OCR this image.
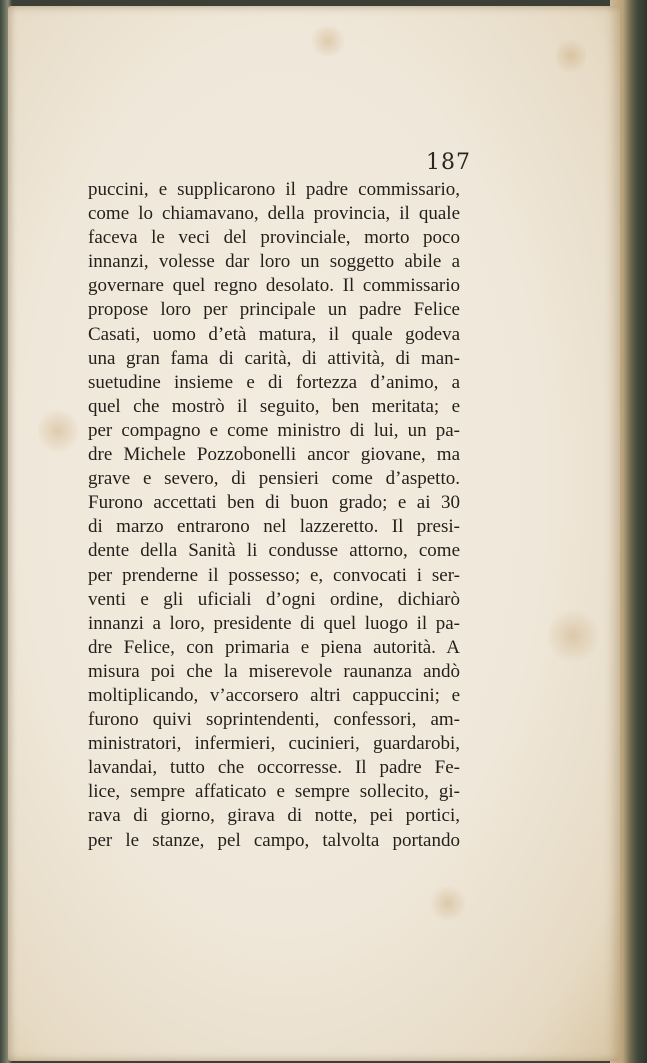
187
puccini, e supplicarono il padre commissario,
come lo chiamavano, della provincia, il quale
faceva le veci del provinciale, morto poco
innanzi, volesse dar loro un soggetto abile a
governare quel regno desolato. Il commissario
propose loro per principale un padre Felice
Casati, uomo d’età matura, il quale godeva
una gran fama di carità, di attività, di man-
suetudine insieme e di fortezza d’animo, a
quel che mostrò il seguito, ben meritata; e
per compagno e come ministro di lui, un pa-
dre Michele Pozzobonelli ancor giovane, ma
grave e severo, di pensieri come d’aspetto.
Furono accettati ben di buon grado; e ai 30
di marzo entrarono nel lazzeretto. Il presi-
dente della Sanità li condusse attorno, come
per prenderne il possesso; e, convocati i ser-
venti e gli uficiali d’ogni ordine, dichiarò
innanzi a loro, presidente di quel luogo il pa-
dre Felice, con primaria e piena autorità. A
misura poi che la miserevole raunanza andò
moltiplicando, v’accorsero altri cappuccini; e
furono quivi soprintendenti, confessori, am-
ministratori, infermieri, cucinieri, guardarobi,
lavandai, tutto che occorresse. Il padre Fe-
lice, sempre affaticato e sempre sollecito, gi-
rava di giorno, girava di notte, pei portici,
per le stanze, pel campo, talvolta portando
